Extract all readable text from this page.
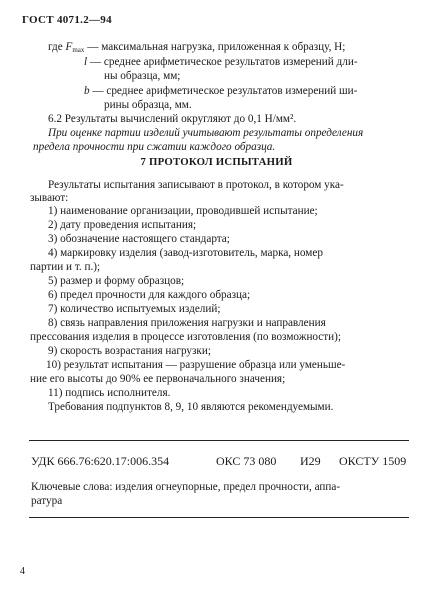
ГОСТ 4071.2—94
где $F_{max}$ — максимальная нагрузка, приложенная к образцу, Н;
l — среднее арифметическое результатов измерений дли-
ны образца, мм;
b — среднее арифметическое результатов измерений ши-
рины образца, мм.
6.2 Результаты вычислений округляют до 0,1 Н/мм².
При оценке партии изделий учитывают результаты определения
предела прочности при сжатии каждого образца.
7 ПРОТОКОЛ ИСПЫТАНИЙ
Результаты испытания записывают в протокол, в котором ука-
зывают:
1) наименование организации, проводившей испытание;
2) дату проведения испытания;
3) обозначение настоящего стандарта;
4) маркировку изделия (завод-изготовитель, марка, номер
партии и т. п.);
5) размер и форму образцов;
6) предел прочности для каждого образца;
7) количество испытуемых изделий;
8) связь направления приложения нагрузки и направления
прессования изделия в процессе изготовления (по возможности);
9) скорость возрастания нагрузки;
10) результат испытания — разрушение образца или уменьше-
ние его высоты до 90% ее первоначального значения;
11) подпись исполнителя.
Требования подпунктов 8, 9, 10 являются рекомендуемыми.
УДК 666.76:620.17:006.354	ОКС 73 080 И29 ОКСТУ 1509
Ключевые слова: изделия огнеупорные, предел прочности, аппа-
ратура
4
